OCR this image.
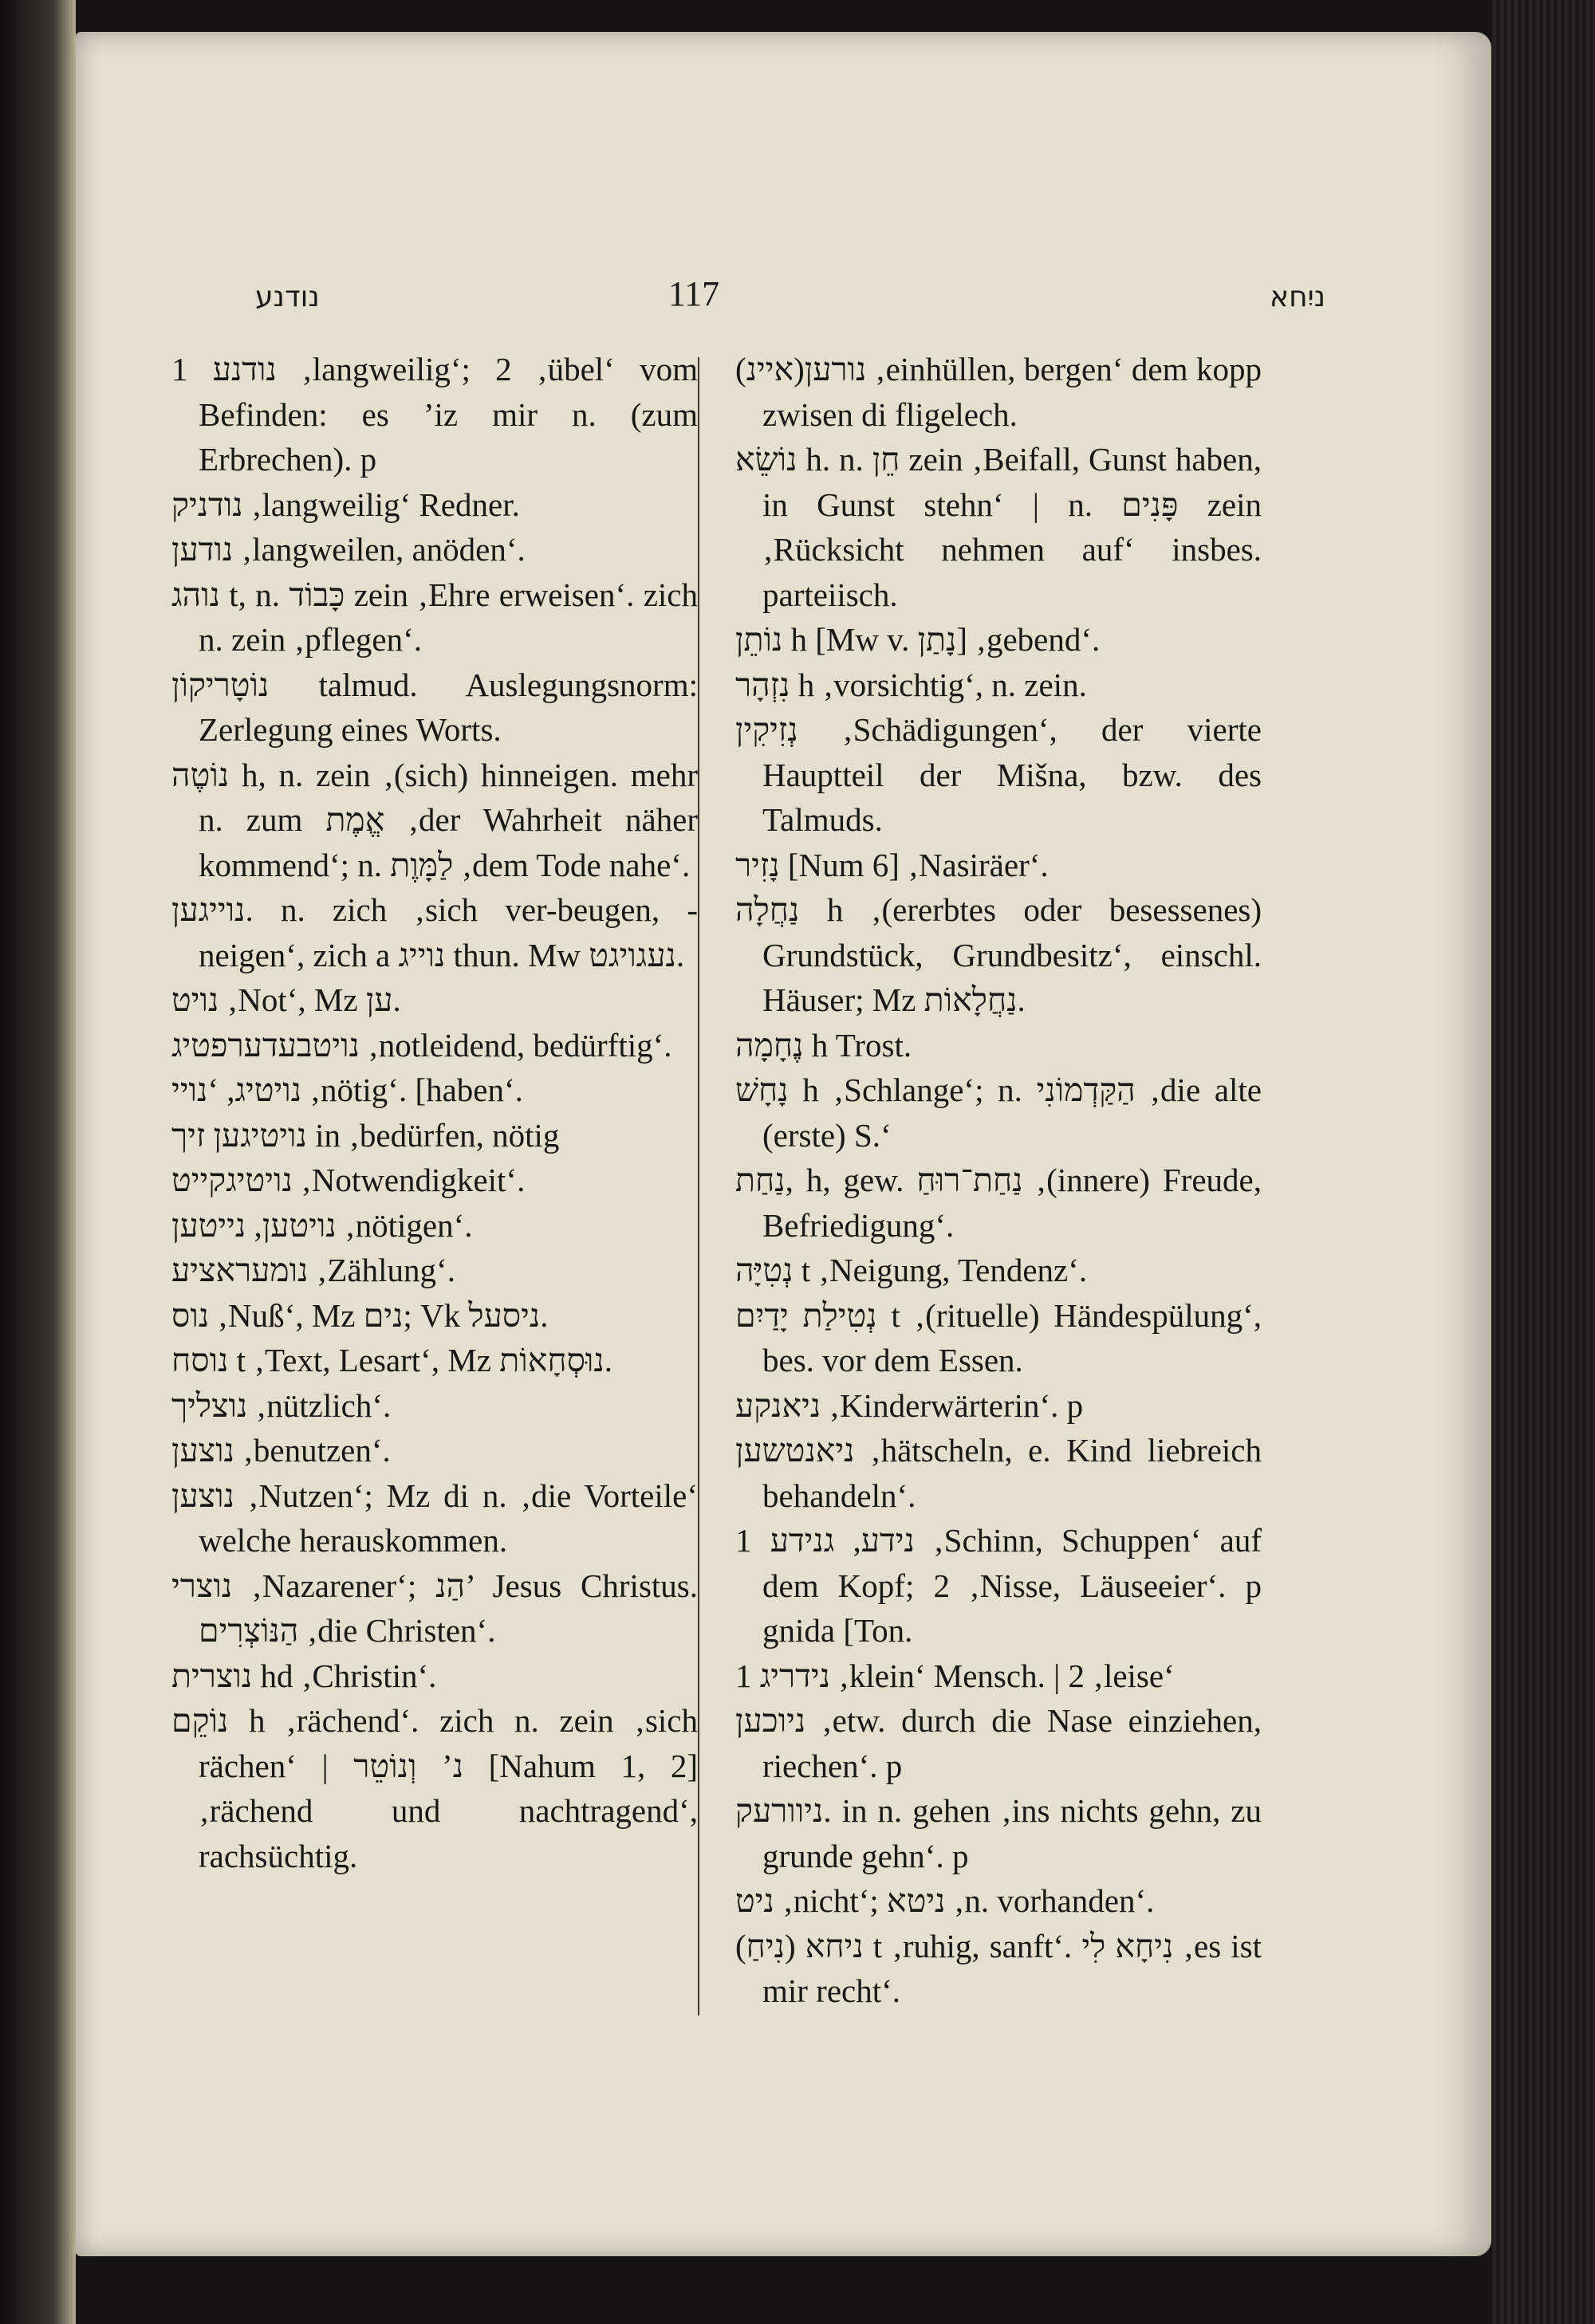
נודנע	117	ניִחא
נודנע 1 ‚langweilig‘; 2 ‚übel‘ vom Befinden: es ’iz mir n. (zum Erbrechen). p
נודניק ‚langweilig‘ Redner.
נודען ‚langweilen, anöden‘.
נוהג t, n. כָּבוֹד zein ‚Ehre erweisen‘. zich n. zein ‚pflegen‘.
נוֹטָריקוֹן talmud. Auslegungsnorm: Zerlegung eines Worts.
נוֹטֶה h, n. zein ‚(sich) hinneigen. mehr n. zum אֱמֶת ‚der Wahrheit näher kommend‘; n. לַמָּוֶת ‚dem Tode nahe‘.
נוייגען. n. zich ‚sich ver-beugen, -neigen‘, zich a נוייג thun. Mw נעגויגט.
נויט ‚Not‘, Mz ען.
נויטבעדערפטיג ‚notleidend, bedürftig‘.
נויטיג, ‘נויי ‚nötig‘. [haben‘.
נויטיגען זיך in ‚bedürfen, nötig
נויטיגקייט ‚Notwendigkeit‘.
נויטען, נייטען ‚nötigen‘.
נומעראציע ‚Zählung‘.
נוס ‚Nuß‘, Mz נים; Vk ניסעל.
נוסח t ‚Text, Lesart‘, Mz נוּסְחָאוֹת.
נוצליך ‚nützlich‘.
נוצען ‚benutzen‘.
נוצען ‚Nutzen‘; Mz di n. ‚die Vorteile‘ welche herauskommen.
נוצרי ‚Nazarener‘; הַנ’ Jesus Christus. הַנּוֹצְרִים ‚die Christen‘.
נוצרית hd ‚Christin‘.
נוֹקֵם h ‚rächend‘. zich n. zein ‚sich rächen‘ | נ’ וְנוֹטֵר [Nahum 1, 2] ‚rächend und nachtragend‘, rachsüchtig.
(איינ)נורען ‚einhüllen, bergen‘ dem kopp zwisen di fligelech.
נוֹשֵׂא h. n. חֵן zein ‚Beifall, Gunst haben, in Gunst stehn‘ | n. פָּנִים zein ‚Rücksicht nehmen auf‘ insbes. parteiisch.
נוֹתֵן h [Mw v. נָתַן] ‚gebend‘.
נִזְהָר h ‚vorsichtig‘, n. zein.
נְזִיקִין ‚Schädigungen‘, der vierte Hauptteil der Mišna, bzw. des Talmuds.
נָזִיר [Num 6] ‚Nasiräer‘.
נַחֲלָה h ‚(ererbtes oder besessenes) Grundstück, Grundbesitz‘, einschl. Häuser; Mz נַחֲלָאוֹת.
נֶחָמָה h Trost.
נָחָשׁ h ‚Schlange‘; n. הַקַּדְמוֹנִי ‚die alte (erste) S.‘
נַחַת, h, gew. נַחַת־רוּחַ ‚(innere) Freude, Befriedigung‘.
נְטִיָּה t ‚Neigung, Tendenz‘.
נְטִילַת יָדַיִם t ‚(rituelle) Händespülung‘, bes. vor dem Essen.
ניאנקע ‚Kinderwärterin‘. p
ניאנטשען ‚hätscheln, e. Kind liebreich behandeln‘.
נידע, גנידע 1 ‚Schinn, Schuppen‘ auf dem Kopf; 2 ‚Nisse, Läuseeier‘. p gnida [Ton.
נידריג 1 ‚klein‘ Mensch. | 2 ‚leise‘
ניוכען ‚etw. durch die Nase einziehen, riechen‘. p
ניוורעק. in n. gehen ‚ins nichts gehn, zu grunde gehn‘. p
ניט ‚nicht‘; ניטא ‚n. vorhanden‘.
ניחא (נִיחַ) t ‚ruhig, sanft‘. נִיחָא לִי ‚es ist mir recht‘.
